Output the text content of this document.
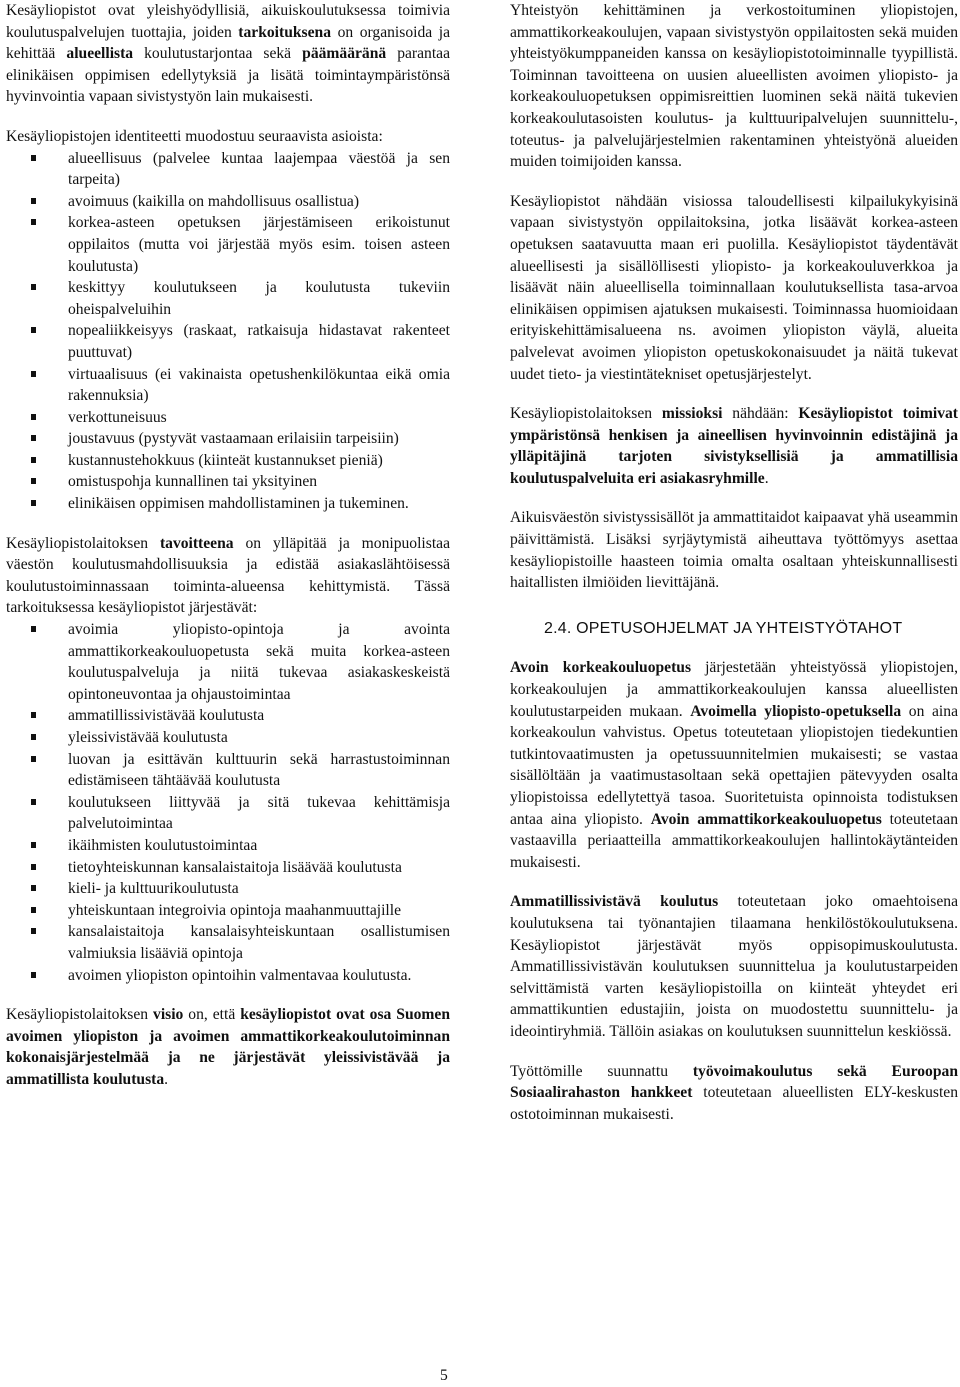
Kesäyliopistot ovat yleishyödyllisiä, aikuiskoulutuksessa toimivia koulutuspalvelujen tuottajia, joiden tarkoituksena on organisoida ja kehittää alueellista koulutustarjontaa sekä päämääränä parantaa elinikäisen oppimisen edellytyksiä ja lisätä toimintaympäristönsä hyvinvointia vapaan sivistystyön lain mukaisesti.

Kesäyliopistojen identiteetti muodostuu seuraavista asioista:

alueellisuus (palvelee kuntaa laajempaa väestöä ja sen tarpeita)
avoimuus (kaikilla on mahdollisuus osallistua)
korkea-asteen opetuksen järjestämiseen erikoistunut oppilaitos (mutta voi järjestää myös esim. toisen asteen koulutusta)
keskittyy koulutukseen ja koulutusta tukeviin oheispalveluihin
nopealiikkeisyys (raskaat, ratkaisuja hidastavat rakenteet puuttuvat)
virtuaalisuus (ei vakinaista opetushenkilökuntaa eikä omia rakennuksia)
verkottuneisuus
joustavuus (pystyvät vastaamaan erilaisiin tarpeisiin)
kustannustehokkuus (kiinteät kustannukset pieniä)
omistuspohja kunnallinen tai yksityinen
elinikäisen oppimisen mahdollistaminen ja tukeminen.

Kesäyliopistolaitoksen tavoitteena on ylläpitää ja monipuolistaa väestön koulutusmahdollisuuksia ja edistää asiakaslähtöisessä koulutustoiminnassaan toiminta-alueensa kehittymistä. Tässä tarkoituksessa kesäyliopistot järjestävät:

avoimia yliopisto-opintoja ja avointa ammattikorkeakouluopetusta sekä muita korkea-asteen koulutuspalveluja ja niitä tukevaa asiakaskeskeistä opintoneuvontaa ja ohjaustoimintaa
ammatillissivistävää koulutusta
yleissivistävää koulutusta
luovan ja esittävän kulttuurin sekä harrastustoiminnan edistämiseen tähtäävää koulutusta
koulutukseen liittyvää ja sitä tukevaa kehittämisja palvelutoimintaa
ikäihmisten koulutustoimintaa
tietoyhteiskunnan kansalaistaitoja lisäävää koulutusta
kieli- ja kulttuurikoulutusta
yhteiskuntaan integroivia opintoja maahanmuuttajille
kansalaistaitoja kansalaisyhteiskuntaan osallistumisen valmiuksia lisääviä opintoja
avoimen yliopiston opintoihin valmentavaa koulutusta.

Kesäyliopistolaitoksen visio on, että kesäyliopistot ovat osa Suomen avoimen yliopiston ja avoimen ammattikorkeakoulutoiminnan kokonaisjärjestelmää ja ne järjestävät yleissivistävää ja ammatillista koulutusta.

Yhteistyön kehittäminen ja verkostoituminen yliopistojen, ammattikorkeakoulujen, vapaan sivistystyön oppilaitosten sekä muiden yhteistyökumppaneiden kanssa on kesäyliopistotoiminnalle tyypillistä. Toiminnan tavoitteena on uusien alueellisten avoimen yliopisto- ja korkeakouluopetuksen oppimisreittien luominen sekä näitä tukevien korkeakoulutasoisten koulutus- ja kulttuuripalvelujen suunnittelu-, toteutus- ja palvelujärjestelmien rakentaminen yhteistyönä alueiden muiden toimijoiden kanssa.

Kesäyliopistot nähdään visiossa taloudellisesti kilpailukykyisinä vapaan sivistystyön oppilaitoksina, jotka lisäävät korkea-asteen opetuksen saatavuutta maan eri puolilla. Kesäyliopistot täydentävät alueellisesti ja sisällöllisesti yliopisto- ja korkeakouluverkkoa ja lisäävät näin alueellisella toiminnallaan koulutuksellista tasa-arvoa elinikäisen oppimisen ajatuksen mukaisesti. Toiminnassa huomioidaan erityiskehittämisalueena ns. avoimen yliopiston väylä, alueita palvelevat avoimen yliopiston opetuskokonaisuudet ja näitä tukevat uudet tieto- ja viestintätekniset opetusjärjestelyt.

Kesäyliopistolaitoksen missioksi nähdään: Kesäyliopistot toimivat ympäristönsä henkisen ja aineellisen hyvinvoinnin edistäjinä ja ylläpitäjinä tarjoten sivistyksellisiä ja ammatillisia koulutuspalveluita eri asiakasryhmille.

Aikuisväestön sivistyssisällöt ja ammattitaidot kaipaavat yhä useammin päivittämistä. Lisäksi syrjäytymistä aiheuttava työttömyys asettaa kesäyliopistoille haasteen toimia omalta osaltaan yhteiskunnallisesti haitallisten ilmiöiden lievittäjänä.

2.4. OPETUSOHJELMAT JA YHTEISTYÖTAHOT

Avoin korkeakouluopetus järjestetään yhteistyössä yliopistojen, korkeakoulujen ja ammattikorkeakoulujen kanssa alueellisten koulutustarpeiden mukaan. Avoimella yliopisto-opetuksella on aina korkeakoulun vahvistus. Opetus toteutetaan yliopistojen tiedekuntien tutkintovaatimusten ja opetussuunnitelmien mukaisesti; se vastaa sisällöltään ja vaatimustasoltaan sekä opettajien pätevyyden osalta yliopistoissa edellytettyä tasoa. Suoritetuista opinnoista todistuksen antaa aina yliopisto. Avoin ammattikorkeakouluopetus toteutetaan vastaavilla periaatteilla ammattikorkeakoulujen hallintokäytänteiden mukaisesti.

Ammatillissivistävä koulutus toteutetaan joko omaehtoisena koulutuksena tai työnantajien tilaamana henkilöstökoulutuksena. Kesäyliopistot järjestävät myös oppisopimuskoulutusta. Ammatillissivistävän koulutuksen suunnittelua ja koulutustarpeiden selvittämistä varten kesäyliopistoilla on kiinteät yhteydet eri ammattikuntien edustajiin, joista on muodostettu suunnittelu- ja ideointiryhmiä. Tällöin asiakas on koulutuksen suunnittelun keskiössä.

Työttömille suunnattu työvoimakoulutus sekä Euroopan Sosiaalirahaston hankkeet toteutetaan alueellisten ELY-keskusten ostotoiminnan mukaisesti.

5
